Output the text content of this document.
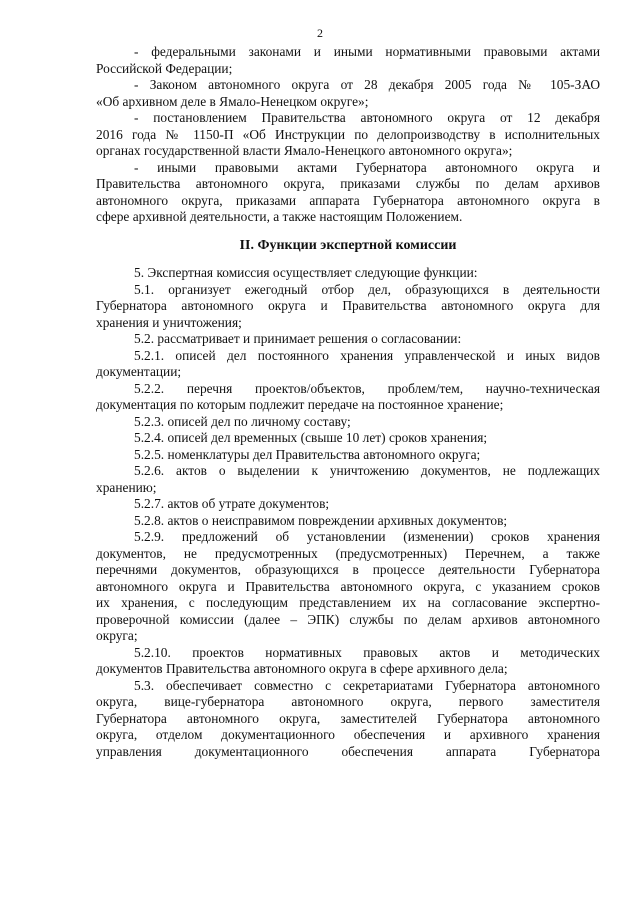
2

- федеральными законами и иными нормативными правовыми актами
Российской Федерации;

- Законом автономного округа от 28 декабря 2005 года № 105-ЗАО
«Об архивном деле в Ямало-Ненецком округе»;

- постановлением Правительства автономного округа от 12 декабря
2016 года № 1150-П «Об Инструкции по делопроизводству в исполнительных
органах государственной власти Ямало-Ненецкого автономного округа»;

- иными правовыми актами Губернатора автономного округа и
Правительства автономного округа, приказами службы по делам архивов
автономного округа, приказами аппарата Губернатора автономного округа в
сфере архивной деятельности, а также настоящим Положением.

II. Функции экспертной комиссии

5. Экспертная комиссия осуществляет следующие функции:

5.1. организует ежегодный отбор дел, образующихся в деятельности
Губернатора автономного округа и Правительства автономного округа для
хранения и уничтожения;

5.2. рассматривает и принимает решения о согласовании:

5.2.1. описей дел постоянного хранения управленческой и иных видов
документации;

5.2.2. перечня проектов/объектов, проблем/тем, научно-техническая
документация по которым подлежит передаче на постоянное хранение;

5.2.3. описей дел по личному составу;

5.2.4. описей дел временных (свыше 10 лет) сроков хранения;

5.2.5. номенклатуры дел Правительства автономного округа;

5.2.6. актов о выделении к уничтожению документов, не подлежащих
хранению;

5.2.7. актов об утрате документов;

5.2.8. актов о неисправимом повреждении архивных документов;

5.2.9. предложений об установлении (изменении) сроков хранения
документов, не предусмотренных (предусмотренных) Перечнем, а также
перечнями документов, образующихся в процессе деятельности Губернатора
автономного округа и Правительства автономного округа, с указанием сроков
их хранения, с последующим представлением их на согласование экспертно-
проверочной комиссии (далее – ЭПК) службы по делам архивов автономного
округа;

5.2.10. проектов нормативных правовых актов и методических
документов Правительства автономного округа в сфере архивного дела;

5.3. обеспечивает совместно с секретариатами Губернатора автономного
округа, вице-губернатора автономного округа, первого заместителя
Губернатора автономного округа, заместителей Губернатора автономного
округа, отделом документационного обеспечения и архивного хранения
управления документационного обеспечения аппарата Губернатора
